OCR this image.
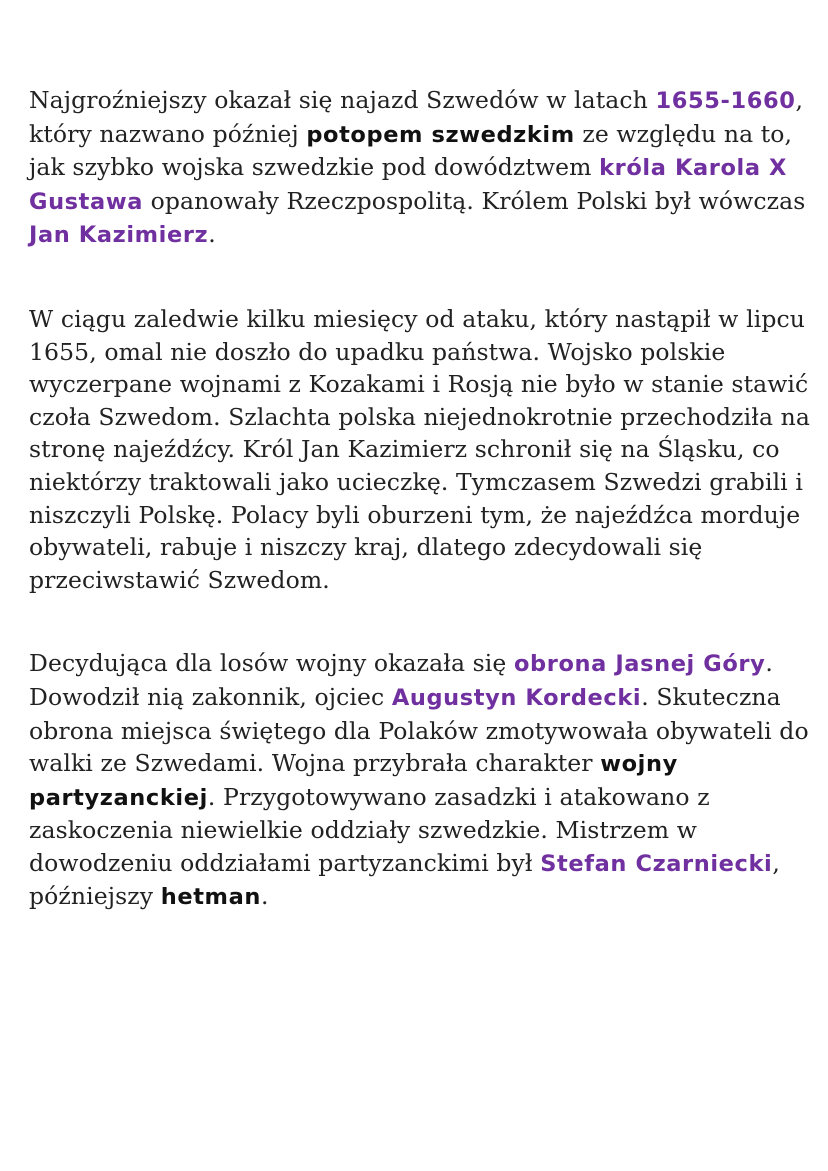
Najgroźniejszy okazał się najazd Szwedów w latach 1655-1660, który nazwano później potopem szwedzkim ze względu na to, jak szybko wojska szwedzkie pod dowództwem króla Karola X Gustawa opanowały Rzeczpospolitą. Królem Polski był wówczas Jan Kazimierz.

W ciągu zaledwie kilku miesięcy od ataku, który nastąpił w lipcu 1655, omal nie doszło do upadku państwa. Wojsko polskie wyczerpane wojnami z Kozakami i Rosją nie było w stanie stawić czoła Szwedom. Szlachta polska niejednokrotnie przechodziła na stronę najeźdźcy. Król Jan Kazimierz schronił się na Śląsku, co niektórzy traktowali jako ucieczkę. Tymczasem Szwedzi grabili i niszczyli Polskę. Polacy byli oburzeni tym, że najeźdźca morduje obywateli, rabuje i niszczy kraj, dlatego zdecydowali się przeciwstawić Szwedom.

Decydująca dla losów wojny okazała się obrona Jasnej Góry. Dowodził nią zakonnik, ojciec Augustyn Kordecki. Skuteczna obrona miejsca świętego dla Polaków zmotywowała obywateli do walki ze Szwedami. Wojna przybrała charakter wojny partyzanckiej. Przygotowywano zasadzki i atakowano z zaskoczenia niewielkie oddziały szwedzkie. Mistrzem w dowodzeniu oddziałami partyzanckimi był Stefan Czarniecki, późniejszy hetman.
